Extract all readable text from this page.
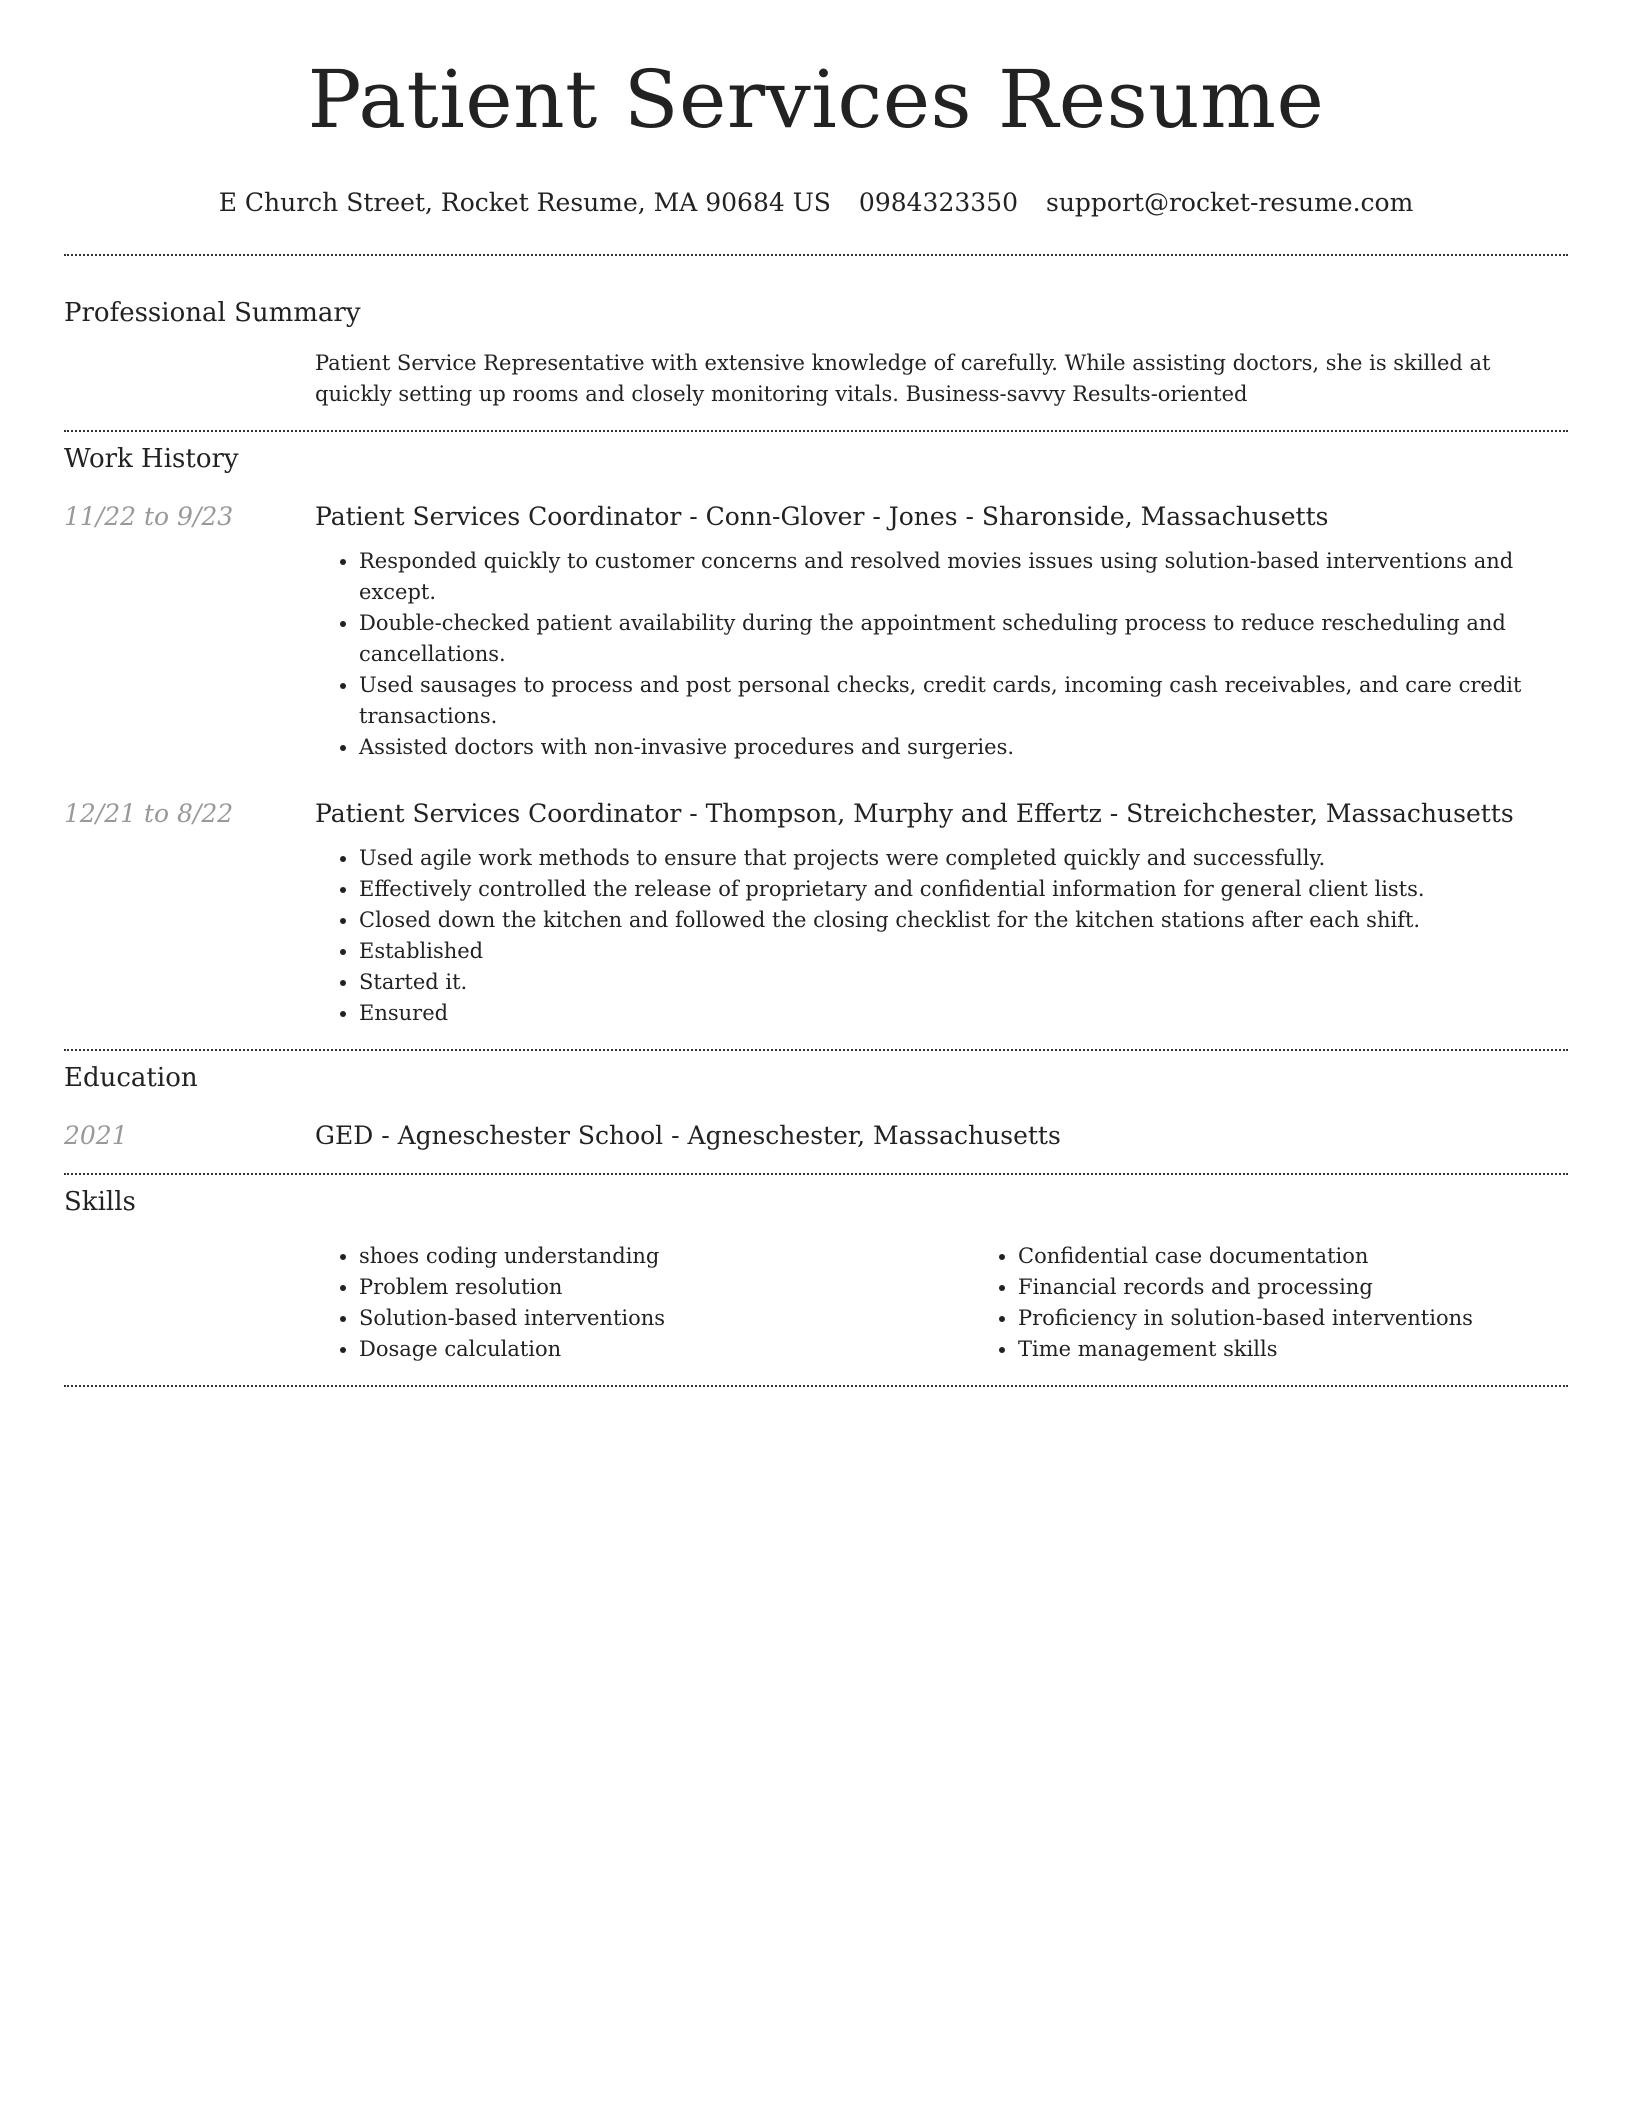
Patient Services Resume
E Church Street, Rocket Resume, MA 90684 US 0984323350 support@rocket-resume.com
Professional Summary

Patient Service Representative with extensive knowledge of carefully. While assisting doctors, she is skilled at quickly setting up rooms and closely monitoring vitals. Business-savvy Results-oriented

Work History
11/22 to 9/23	Patient Services Coordinator - Conn-Glover - Jones - Sharonside, Massachusetts
• Responded quickly to customer concerns and resolved movies issues using solution-based interventions and except.
• Double-checked patient availability during the appointment scheduling process to reduce rescheduling and cancellations.
• Used sausages to process and post personal checks, credit cards, incoming cash receivables, and care credit transactions.
• Assisted doctors with non-invasive procedures and surgeries.
12/21 to 8/22	Patient Services Coordinator - Thompson, Murphy and Effertz - Streichchester, Massachusetts
• Used agile work methods to ensure that projects were completed quickly and successfully.
• Effectively controlled the release of proprietary and confidential information for general client lists.
• Closed down the kitchen and followed the closing checklist for the kitchen stations after each shift.
• Established
• Started it.
• Ensured
Education
2021	GED - Agneschester School - Agneschester, Massachusetts
Skills
• shoes coding understanding
• Problem resolution
• Solution-based interventions
• Dosage calculation
• Confidential case documentation
• Financial records and processing
• Proficiency in solution-based interventions
• Time management skills
